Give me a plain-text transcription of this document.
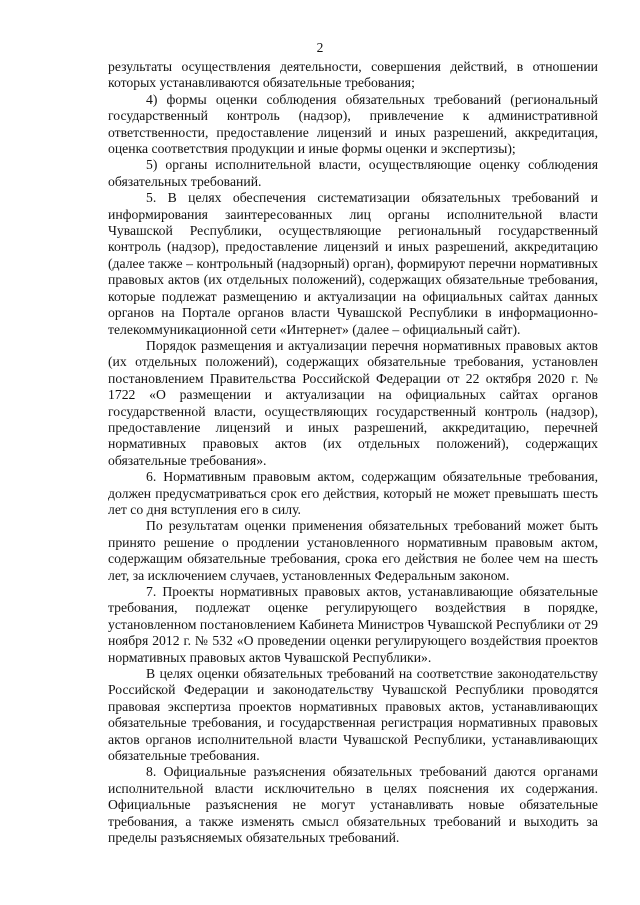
2

результаты осуществления деятельности, совершения действий, в отношении которых устанавливаются обязательные требования;

4) формы оценки соблюдения обязательных требований (региональный государственный контроль (надзор), привлечение к административной ответственности, предоставление лицензий и иных разрешений, аккредитация, оценка соответствия продукции и иные формы оценки и экспертизы);

5) органы исполнительной власти, осуществляющие оценку соблюдения обязательных требований.

5. В целях обеспечения систематизации обязательных требований и информирования заинтересованных лиц органы исполнительной власти Чувашской Республики, осуществляющие региональный государственный контроль (надзор), предоставление лицензий и иных разрешений, аккредитацию (далее также – контрольный (надзорный) орган), формируют перечни нормативных правовых актов (их отдельных положений), содержащих обязательные требования, которые подлежат размещению и актуализации на официальных сайтах данных органов на Портале органов власти Чувашской Республики в информационно-телекоммуникационной сети «Интернет» (далее – официальный сайт).

Порядок размещения и актуализации перечня нормативных правовых актов (их отдельных положений), содержащих обязательные требования, установлен постановлением Правительства Российской Федерации от 22 октября 2020 г. № 1722 «О размещении и актуализации на официальных сайтах органов государственной власти, осуществляющих государственный контроль (надзор), предоставление лицензий и иных разрешений, аккредитацию, перечней нормативных правовых актов (их отдельных положений), содержащих обязательные требования».

6. Нормативным правовым актом, содержащим обязательные требования, должен предусматриваться срок его действия, который не может превышать шесть лет со дня вступления его в силу.

По результатам оценки применения обязательных требований может быть принято решение о продлении установленного нормативным правовым актом, содержащим обязательные требования, срока его действия не более чем на шесть лет, за исключением случаев, установленных Федеральным законом.

7. Проекты нормативных правовых актов, устанавливающие обязательные требования, подлежат оценке регулирующего воздействия в порядке, установленном постановлением Кабинета Министров Чувашской Республики от 29 ноября 2012 г. № 532 «О проведении оценки регулирующего воздействия проектов нормативных правовых актов Чувашской Республики».

В целях оценки обязательных требований на соответствие законодательству Российской Федерации и законодательству Чувашской Республики проводятся правовая экспертиза проектов нормативных правовых актов, устанавливающих обязательные требования, и государственная регистрация нормативных правовых актов органов исполнительной власти Чувашской Республики, устанавливающих обязательные требования.

8. Официальные разъяснения обязательных требований даются органами исполнительной власти исключительно в целях пояснения их содержания. Официальные разъяснения не могут устанавливать новые обязательные требования, а также изменять смысл обязательных требований и выходить за пределы разъясняемых обязательных требований.
